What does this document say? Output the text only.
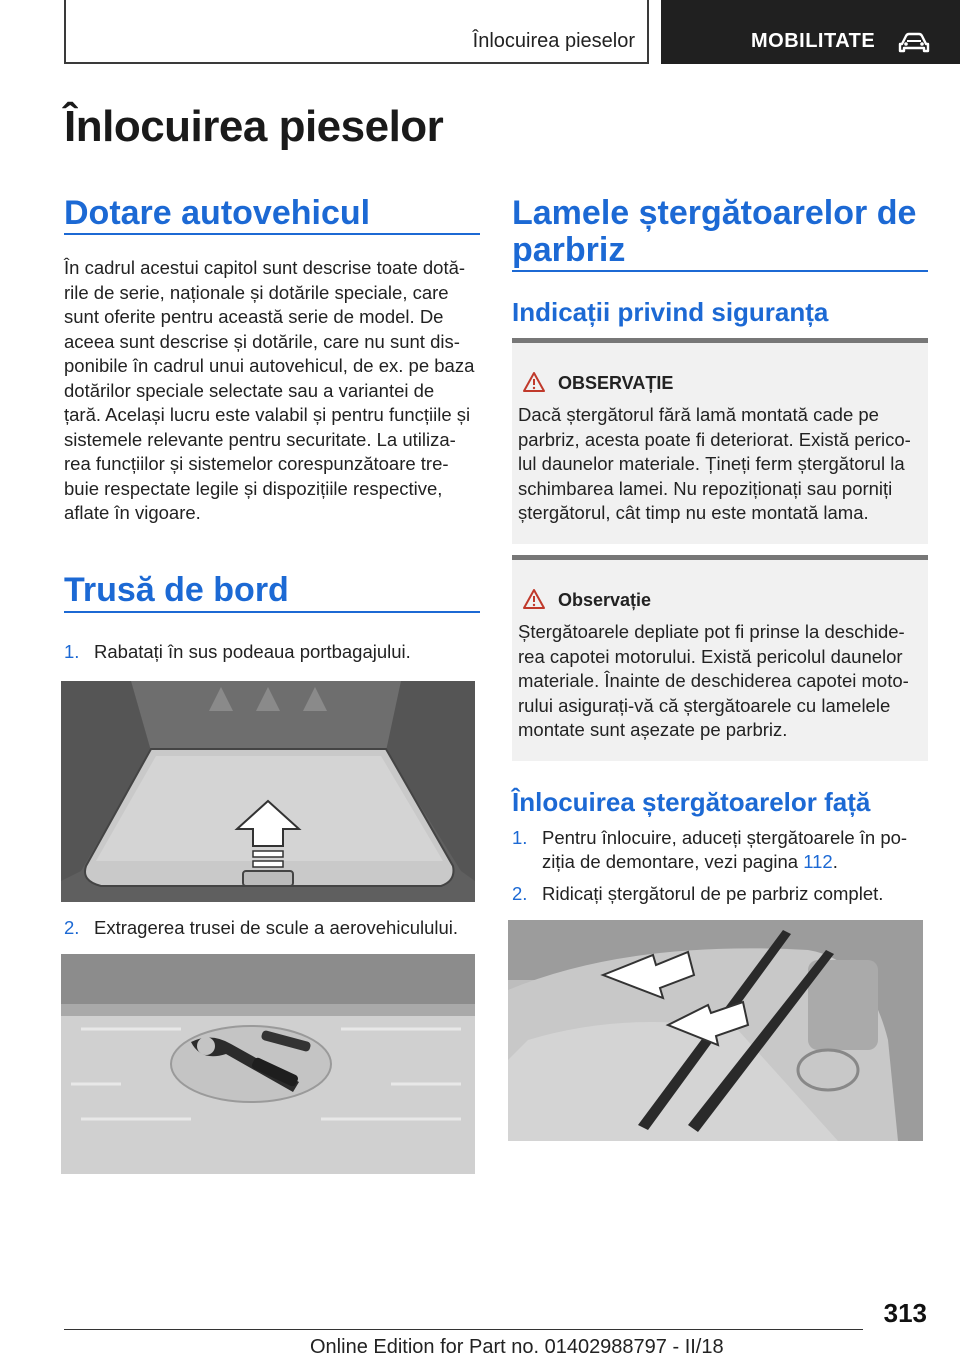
Înlocuirea pieselor	MOBILITATE
Înlocuirea pieselor
Dotare autovehicul
În cadrul acestui capitol sunt descrise toate dotă‐
rile de serie, naționale și dotările speciale, care
sunt oferite pentru această serie de model. De
aceea sunt descrise și dotările, care nu sunt dis‐
ponibile în cadrul unui autovehicul, de ex. pe baza
dotărilor speciale selectate sau a variantei de
țară. Același lucru este valabil și pentru funcțiile și
sistemele relevante pentru securitate. La utiliza‐
rea funcțiilor și sistemelor corespunzătoare tre‐
buie respectate legile și dispozițiile respective,
aflate în vigoare.
Trusă de bord
1. Rabatați în sus podeaua portbagajului.
2. Extragerea trusei de scule a aerovehiculului.
Lamele ștergătoarelor de
parbriz
Indicații privind siguranța
OBSERVAȚIE
Dacă ștergătorul fără lamă montată cade pe
parbriz, acesta poate fi deteriorat. Există perico‐
lul daunelor materiale. Țineți ferm ștergătorul la
schimbarea lamei. Nu repoziționați sau porniți
ștergătorul, cât timp nu este montată lama.
Observație
Ștergătoarele depliate pot fi prinse la deschide‐
rea capotei motorului. Există pericolul daunelor
materiale. Înainte de deschiderea capotei moto‐
rului asigurați-vă că ștergătoarele cu lamelele
montate sunt așezate pe parbriz.
Înlocuirea ștergătoarelor față
1. Pentru înlocuire, aduceți ștergătoarele în po‐
ziția de demontare, vezi pagina 112.
2. Ridicați ștergătorul de pe parbriz complet.
313
Online Edition for Part no. 01402988797 - II/18
